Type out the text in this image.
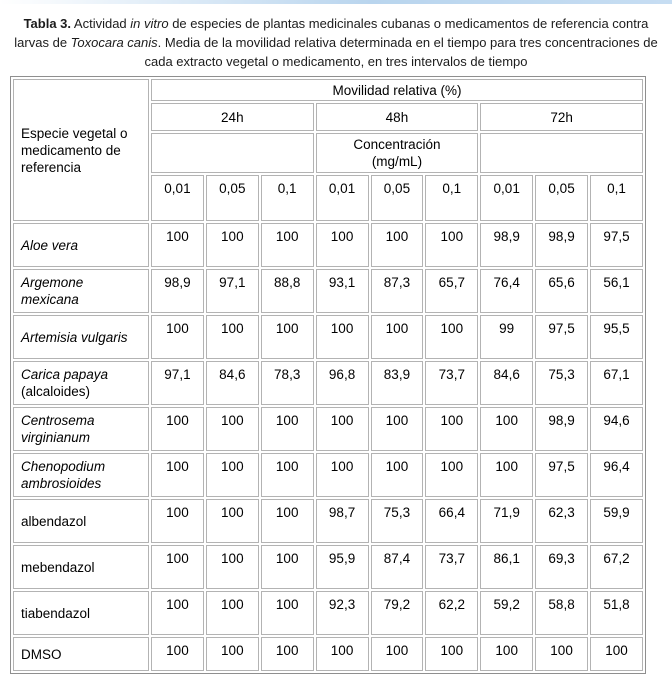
Tabla 3. Actividad in vitro de especies de plantas medicinales cubanas o medicamentos de referencia contra larvas de Toxocara canis. Media de la movilidad relativa determinada en el tiempo para tres concentraciones de cada extracto vegetal o medicamento, en tres intervalos de tiempo

Especie vegetal o medicamento de referencia	Movilidad relativa (%)								
	24h			48h			72h		
				Concentración (mg/mL)					
	0,01	0,05	0,1	0,01	0,05	0,1	0,01	0,05	0,1
Aloe vera	100	100	100	100	100	100	98,9	98,9	97,5
Argemone mexicana	98,9	97,1	88,8	93,1	87,3	65,7	76,4	65,6	56,1
Artemisia vulgaris	100	100	100	100	100	100	99	97,5	95,5
Carica papaya (alcaloides)	97,1	84,6	78,3	96,8	83,9	73,7	84,6	75,3	67,1
Centrosema virginianum	100	100	100	100	100	100	100	98,9	94,6
Chenopodium ambrosioides	100	100	100	100	100	100	100	97,5	96,4
albendazol	100	100	100	98,7	75,3	66,4	71,9	62,3	59,9
mebendazol	100	100	100	95,9	87,4	73,7	86,1	69,3	67,2
tiabendazol	100	100	100	92,3	79,2	62,2	59,2	58,8	51,8
DMSO	100	100	100	100	100	100	100	100	100
